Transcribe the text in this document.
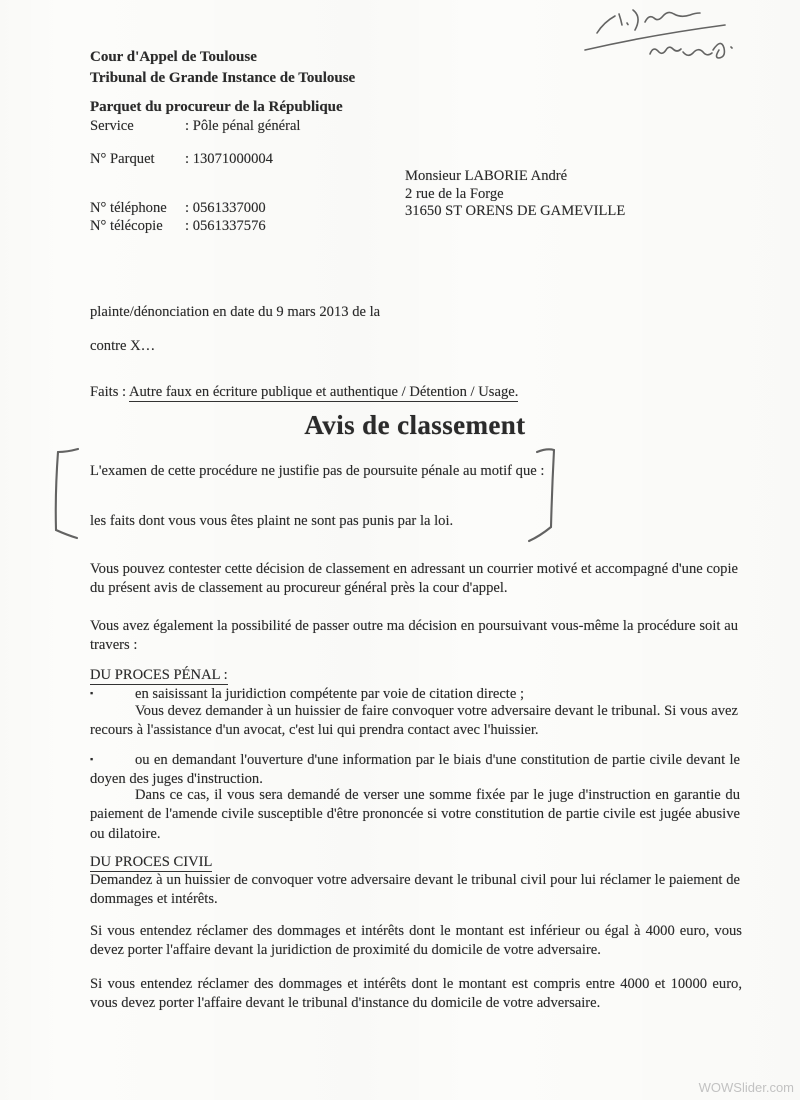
Cour d'Appel de Toulouse
Tribunal de Grande Instance de Toulouse
Parquet du procureur de la République
Service	: Pôle pénal général
N° Parquet : 13071000004
Monsieur LABORIE André
2 rue de la Forge
31650 ST ORENS DE GAMEVILLE
N° téléphone : 0561337000
N° télécopie : 0561337576
plainte/dénonciation en date du 9 mars 2013 de la
contre X…
Faits : Autre faux en écriture publique et authentique / Détention / Usage.
Avis de classement
L'examen de cette procédure ne justifie pas de poursuite pénale au motif que :
les faits dont vous vous êtes plaint ne sont pas punis par la loi.
Vous pouvez contester cette décision de classement en adressant un courrier motivé et accompagné d'une copie du présent avis de classement au procureur général près la cour d'appel.
Vous avez également la possibilité de passer outre ma décision en poursuivant vous-même la procédure soit au travers :
DU PROCES PÉNAL :
▪	en saisissant la juridiction compétente par voie de citation directe ;
Vous devez demander à un huissier de faire convoquer votre adversaire devant le tribunal. Si vous avez recours à l'assistance d'un avocat, c'est lui qui prendra contact avec l'huissier.
▪	ou en demandant l'ouverture d'une information par le biais d'une constitution de partie civile devant le doyen des juges d'instruction.
Dans ce cas, il vous sera demandé de verser une somme fixée par le juge d'instruction en garantie du paiement de l'amende civile susceptible d'être prononcée si votre constitution de partie civile est jugée abusive ou dilatoire.
DU PROCES CIVIL
Demandez à un huissier de convoquer votre adversaire devant le tribunal civil pour lui réclamer le paiement de dommages et intérêts.
Si vous entendez réclamer des dommages et intérêts dont le montant est inférieur ou égal à 4000 euro, vous devez porter l'affaire devant la juridiction de proximité du domicile de votre adversaire.
Si vous entendez réclamer des dommages et intérêts dont le montant est compris entre 4000 et 10000 euro, vous devez porter l'affaire devant le tribunal d'instance du domicile de votre adversaire.
WOWSlider.com
